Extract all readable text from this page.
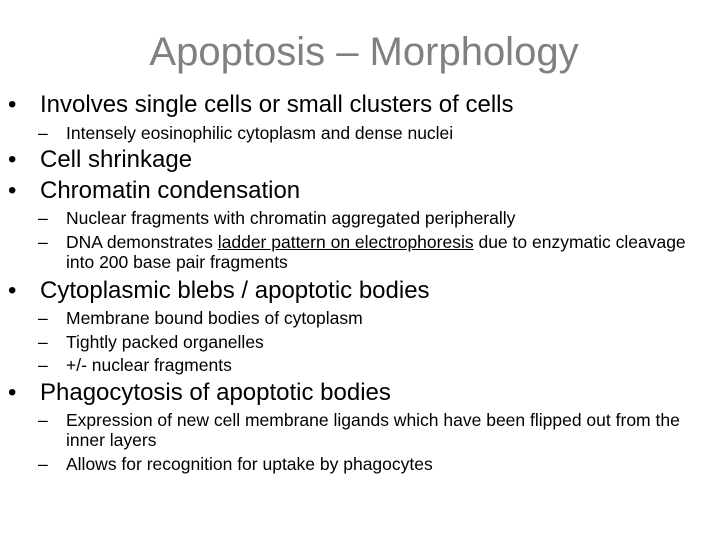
Apoptosis – Morphology
• Involves single cells or small clusters of cells
– Intensely eosinophilic cytoplasm and dense nuclei
• Cell shrinkage
• Chromatin condensation
– Nuclear fragments with chromatin aggregated peripherally
– DNA demonstrates ladder pattern on electrophoresis due to enzymatic cleavage into 200 base pair fragments
• Cytoplasmic blebs / apoptotic bodies
– Membrane bound bodies of cytoplasm
– Tightly packed organelles
– +/- nuclear fragments
• Phagocytosis of apoptotic bodies
– Expression of new cell membrane ligands which have been flipped out from the inner layers
– Allows for recognition for uptake by phagocytes
